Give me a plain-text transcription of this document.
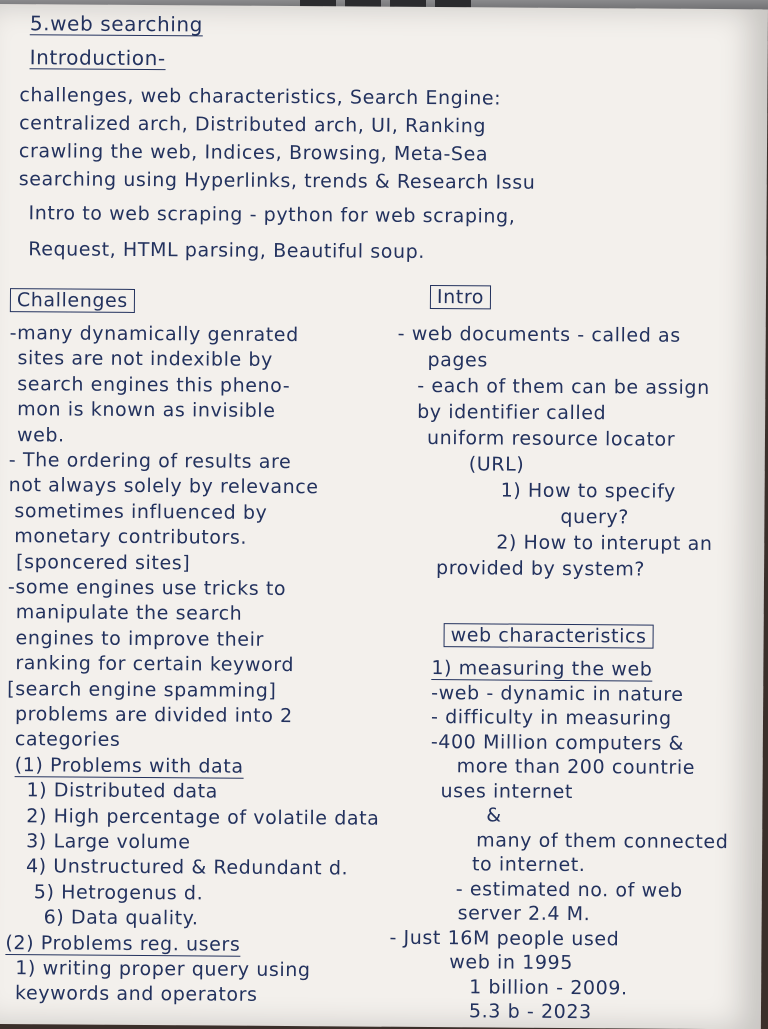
5.web searching
Introduction-
challenges, web characteristics, Search Engine:
centralized arch, Distributed arch, UI, Ranking
crawling the web, Indices, Browsing, Meta-Sea
searching using Hyperlinks, trends & Research Issu
Intro to web scraping - python for web scraping,
Request, HTML parsing, Beautiful soup.
Challenges	Intro
web characteristics
-many dynamically genrated
sites are not indexible by
search engines this pheno-
mon is known as invisible
web.
- The ordering of results are
not always solely by relevance
sometimes influenced by
monetary contributors.
[sponcered sites]
-some engines use tricks to
manipulate the search
engines to improve their
ranking for certain keyword
[search engine spamming]
problems are divided into 2
categories
(1) Problems with data
1) Distributed data
2) High percentage of volatile data
3) Large volume
4) Unstructured & Redundant d.
5) Hetrogenus d.
6) Data quality.
(2) Problems reg. users
1) writing proper query using
keywords and operators
- web documents - called as
pages
- each of them can be assign
by identifier called
uniform resource locator
(URL)
1) How to specify
query?
2) How to interupt an
provided by system?
1) measuring the web
-web - dynamic in nature
- difficulty in measuring
-400 Million computers &
more than 200 countrie
uses internet
&
many of them connected
to internet.
- estimated no. of web
server 2.4 M.
- Just 16M people used
web in 1995
1 billion - 2009.
5.3 b - 2023
